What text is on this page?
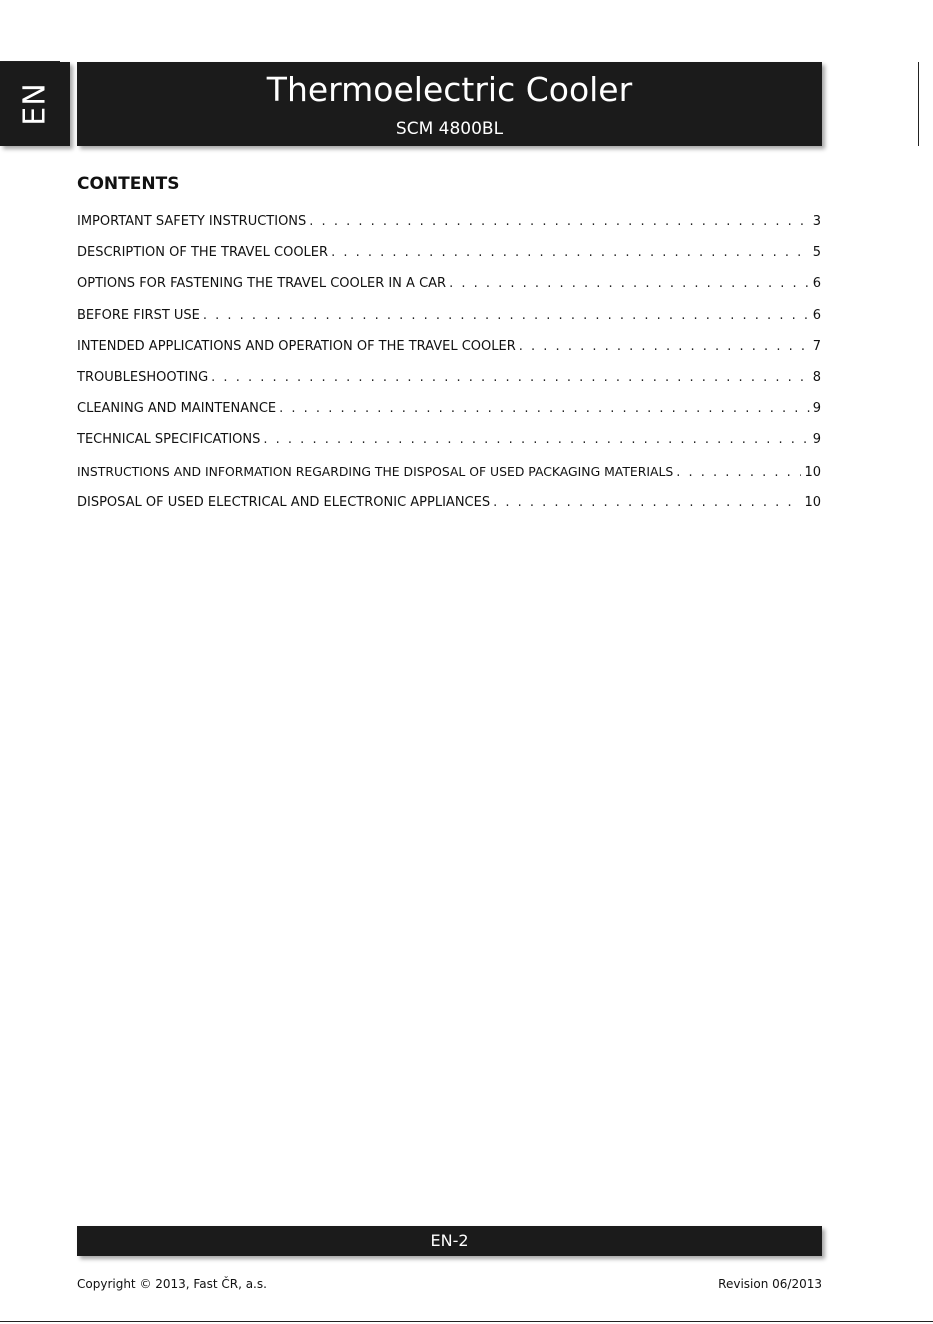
EN	Thermoelectric Cooler
SCM 4800BL
CONTENTS
IMPORTANT SAFETY INSTRUCTIONS . . .	3
DESCRIPTION OF THE TRAVEL COOLER . . .	5
OPTIONS FOR FASTENING THE TRAVEL COOLER IN A CAR . . .	6
BEFORE FIRST USE . . .	6
INTENDED APPLICATIONS AND OPERATION OF THE TRAVEL COOLER . . .	7
TROUBLESHOOTING . . .	8
CLEANING AND MAINTENANCE . . .	9
TECHNICAL SPECIFICATIONS . . .	9
INSTRUCTIONS AND INFORMATION REGARDING THE DISPOSAL OF USED PACKAGING MATERIALS . . .	10
DISPOSAL OF USED ELECTRICAL AND ELECTRONIC APPLIANCES . . .	10
EN-2
Copyright © 2013, Fast ČR, a.s.	Revision 06/2013
